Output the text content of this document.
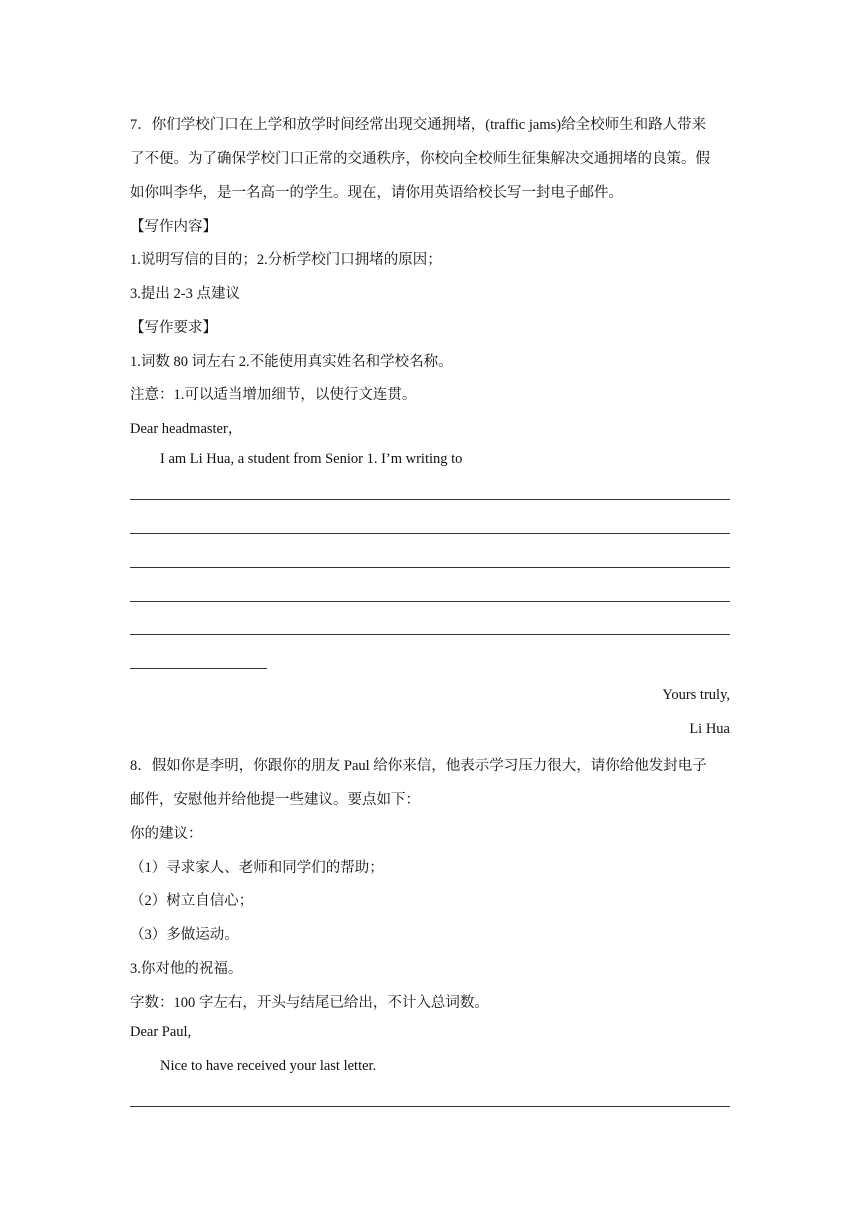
7．你们学校门口在上学和放学时间经常出现交通拥堵，(traffic jams)给全校师生和路人带来
了不便。为了确保学校门口正常的交通秩序，你校向全校师生征集解决交通拥堵的良策。假
如你叫李华，是一名高一的学生。现在，请你用英语给校长写一封电子邮件。
【写作内容】
1.说明写信的目的；2.分析学校门口拥堵的原因；
3.提出 2-3 点建议
【写作要求】
1.词数 80 词左右 2.不能使用真实姓名和学校名称。
注意：1.可以适当增加细节，以使行文连贯。
Dear headmaster，
I am Li Hua, a student from Senior 1. I’m writing to
Yours truly,
Li Hua
8．假如你是李明，你跟你的朋友 Paul 给你来信，他表示学习压力很大，请你给他发封电子
邮件，安慰他并给他提一些建议。要点如下：
你的建议：
（1）寻求家人、老师和同学们的帮助；
（2）树立自信心；
（3）多做运动。
3.你对他的祝福。
字数：100 字左右，开头与结尾已给出，不计入总词数。
Dear Paul,
Nice to have received your last letter.
